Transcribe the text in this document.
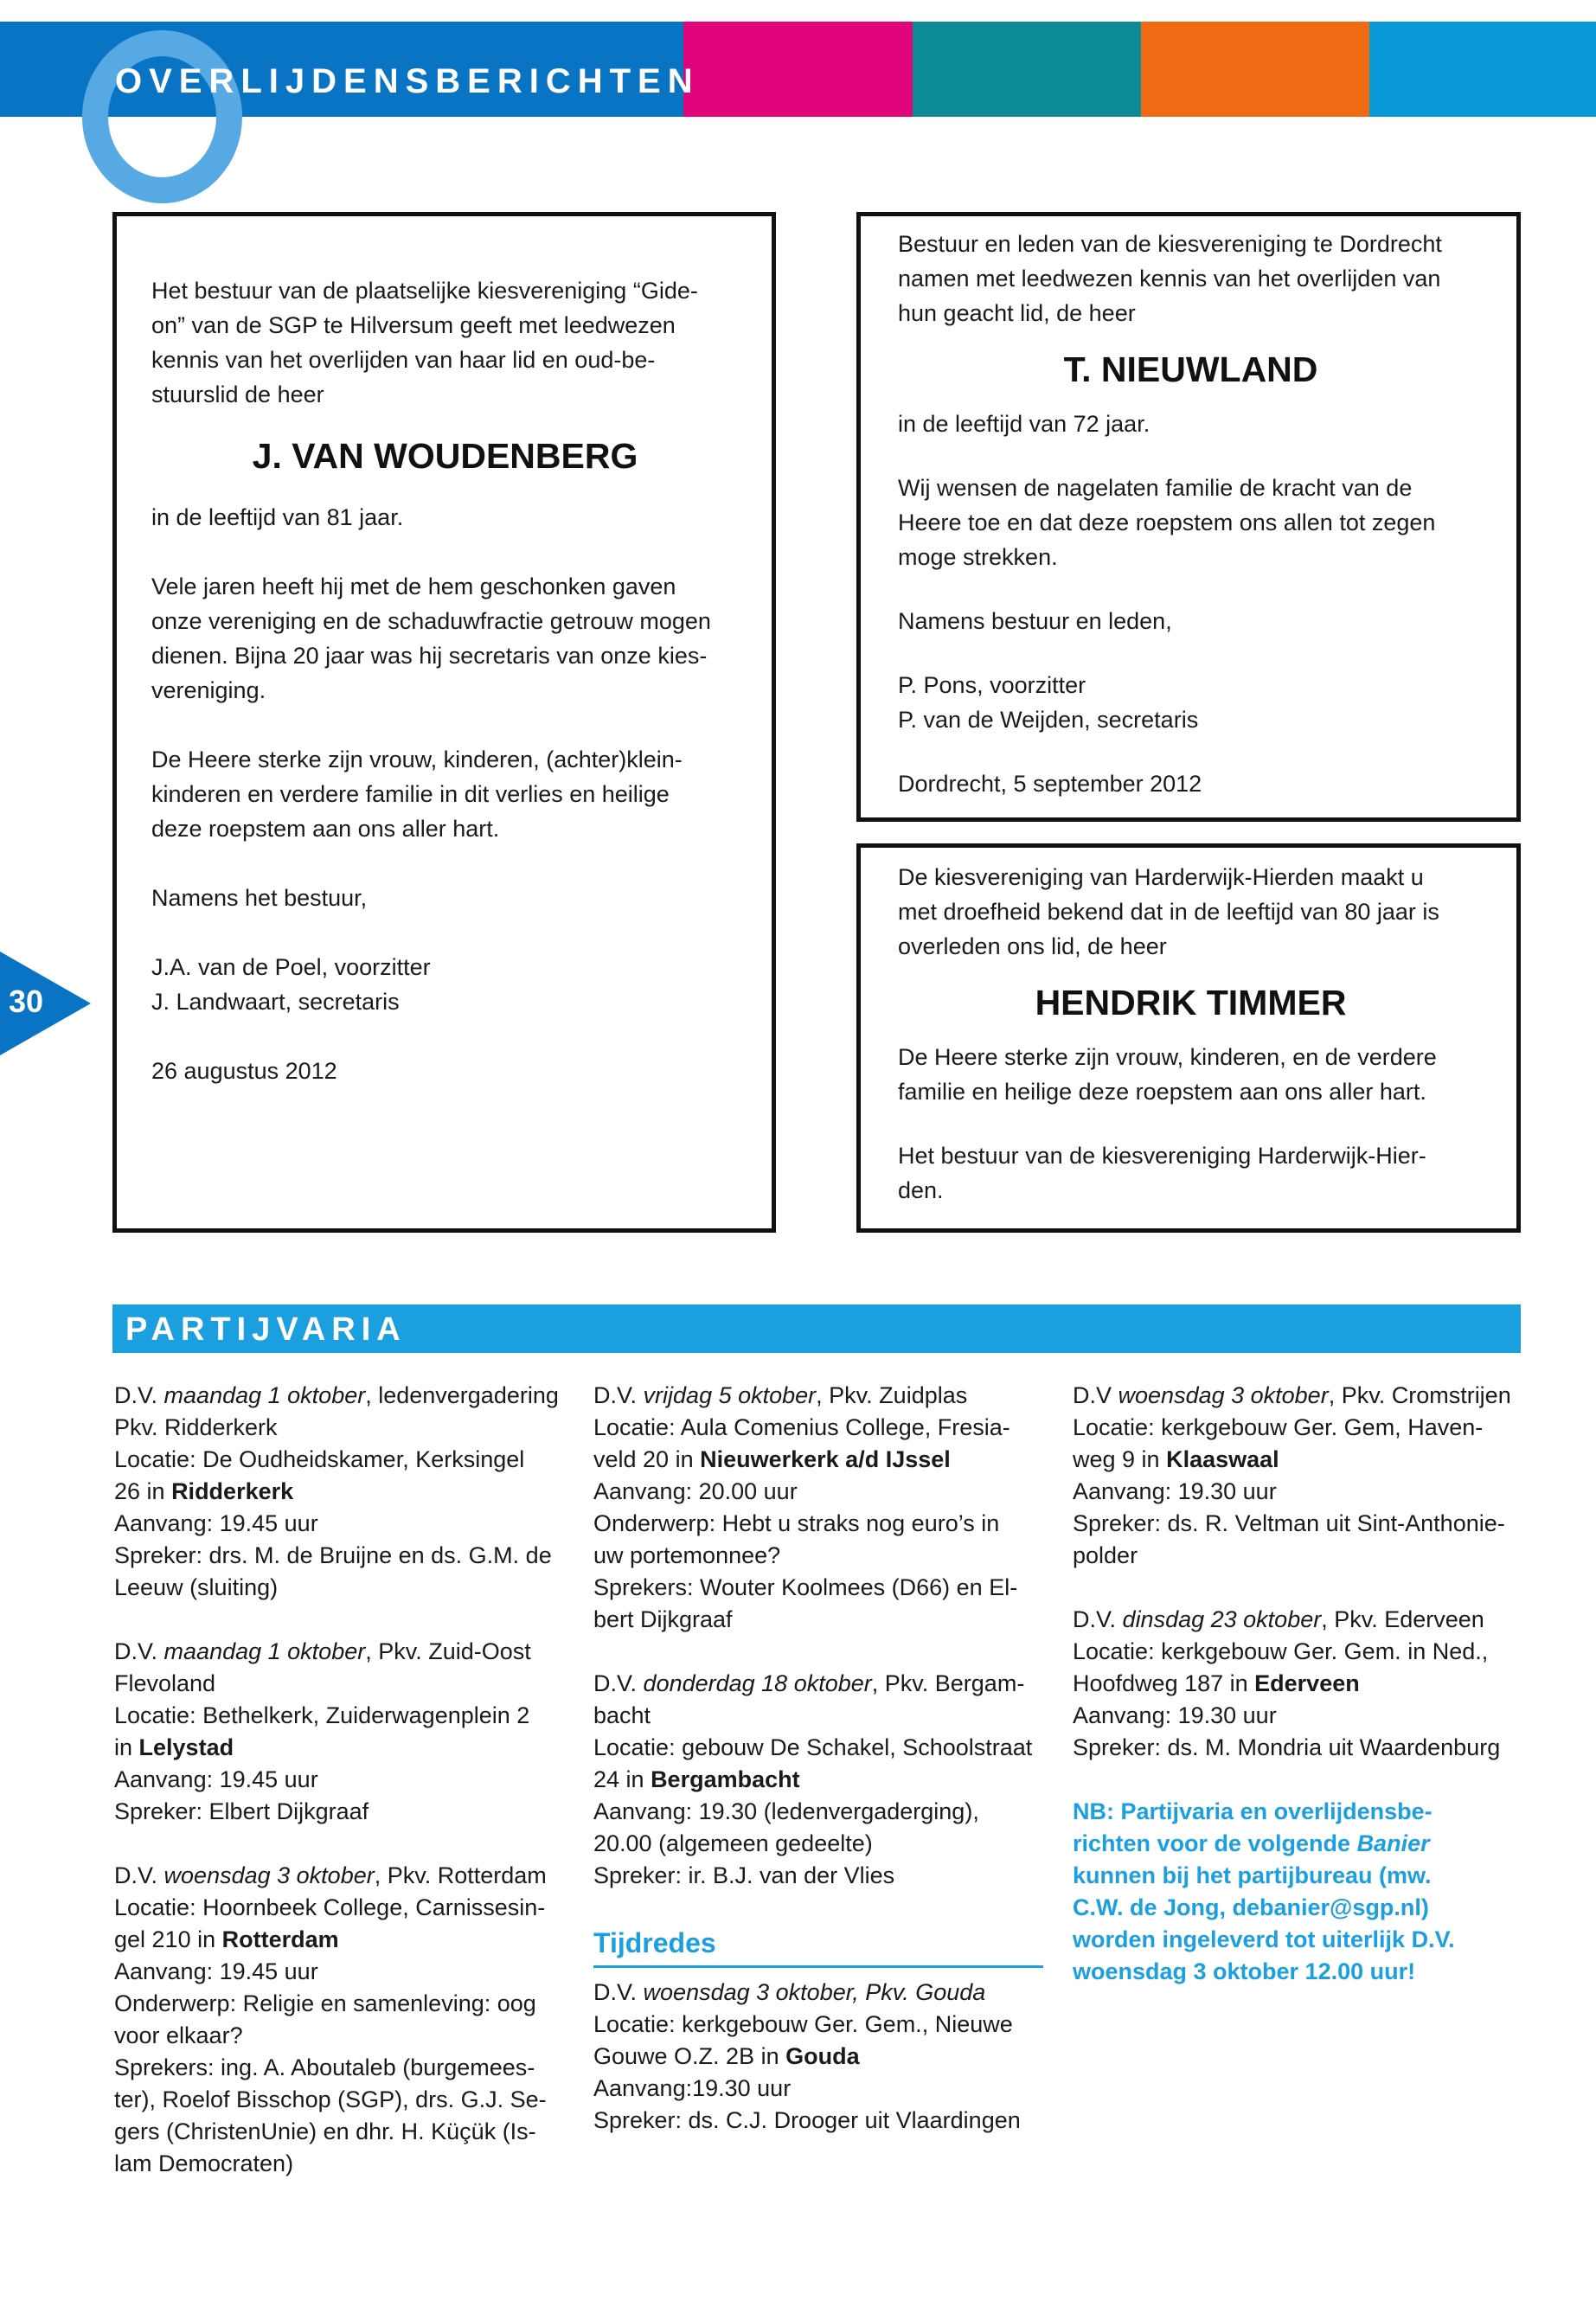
OVERLIJDENSBERICHTEN

Het bestuur van de plaatselijke kiesvereniging “Gide-

on” van de SGP te Hilversum geeft met leedwezen

kennis van het overlijden van haar lid en oud-be-

stuurslid de heer

J. VAN WOUDENBERG

in de leeftijd van 81 jaar.

Vele jaren heeft hij met de hem geschonken gaven

onze vereniging en de schaduwfractie getrouw mogen

dienen. Bijna 20 jaar was hij secretaris van onze kies-

vereniging.

De Heere sterke zijn vrouw, kinderen, (achter)klein-

kinderen en verdere familie in dit verlies en heilige

deze roepstem aan ons aller hart.

Namens het bestuur,

J.A. van de Poel, voorzitter

J. Landwaart, secretaris

26 augustus 2012

Bestuur en leden van de kiesvereniging te Dordrecht

namen met leedwezen kennis van het overlijden van

hun geacht lid, de heer

T. NIEUWLAND

in de leeftijd van 72 jaar.

Wij wensen de nagelaten familie de kracht van de

Heere toe en dat deze roepstem ons allen tot zegen

moge strekken.

Namens bestuur en leden,

P. Pons, voorzitter

P. van de Weijden, secretaris

Dordrecht, 5 september 2012

De kiesvereniging van Harderwijk-Hierden maakt u

met droefheid bekend dat in de leeftijd van 80 jaar is

overleden ons lid, de heer

HENDRIK TIMMER

De Heere sterke zijn vrouw, kinderen, en de verdere

familie en heilige deze roepstem aan ons aller hart.

Het bestuur van de kiesvereniging Harderwijk-Hier-

den.

30
PARTIJVARIA

D.V. maandag 1 oktober, ledenvergadering

Pkv. Ridderkerk

Locatie: De Oudheidskamer, Kerksingel

26 in Ridderkerk

Aanvang: 19.45 uur

Spreker: drs. M. de Bruijne en ds. G.M. de

Leeuw (sluiting)

D.V. maandag 1 oktober, Pkv. Zuid-Oost

Flevoland

Locatie: Bethelkerk, Zuiderwagenplein 2

in Lelystad

Aanvang: 19.45 uur

Spreker: Elbert Dijkgraaf

D.V. woensdag 3 oktober, Pkv. Rotterdam

Locatie: Hoornbeek College, Carnissesin-

gel 210 in Rotterdam

Aanvang: 19.45 uur

Onderwerp: Religie en samenleving: oog

voor elkaar?

Sprekers: ing. A. Aboutaleb (burgemees-

ter), Roelof Bisschop (SGP), drs. G.J. Se-

gers (ChristenUnie) en dhr. H. Küçük (Is-

lam Democraten)

D.V. vrijdag 5 oktober, Pkv. Zuidplas

Locatie: Aula Comenius College, Fresia-

veld 20 in Nieuwerkerk a/d IJssel

Aanvang: 20.00 uur

Onderwerp: Hebt u straks nog euro’s in

uw portemonnee?

Sprekers: Wouter Koolmees (D66) en El-

bert Dijkgraaf

D.V. donderdag 18 oktober, Pkv. Bergam-

bacht

Locatie: gebouw De Schakel, Schoolstraat

24 in Bergambacht

Aanvang: 19.30 (ledenvergaderging),

20.00 (algemeen gedeelte)

Spreker: ir. B.J. van der Vlies

Tijdredes

D.V. woensdag 3 oktober, Pkv. Gouda

Locatie: kerkgebouw Ger. Gem., Nieuwe

Gouwe O.Z. 2B in Gouda

Aanvang:19.30 uur

Spreker: ds. C.J. Drooger uit Vlaardingen

D.V woensdag 3 oktober, Pkv. Cromstrijen

Locatie: kerkgebouw Ger. Gem, Haven-

weg 9 in Klaaswaal

Aanvang: 19.30 uur

Spreker: ds. R. Veltman uit Sint-Anthonie-

polder

D.V. dinsdag 23 oktober, Pkv. Ederveen

Locatie: kerkgebouw Ger. Gem. in Ned.,

Hoofdweg 187 in Ederveen

Aanvang: 19.30 uur

Spreker: ds. M. Mondria uit Waardenburg

NB: Partijvaria en overlijdensbe-

richten voor de volgende Banier

kunnen bij het partijbureau (mw.

C.W. de Jong, debanier@sgp.nl)

worden ingeleverd tot uiterlijk D.V.

woensdag 3 oktober 12.00 uur!
